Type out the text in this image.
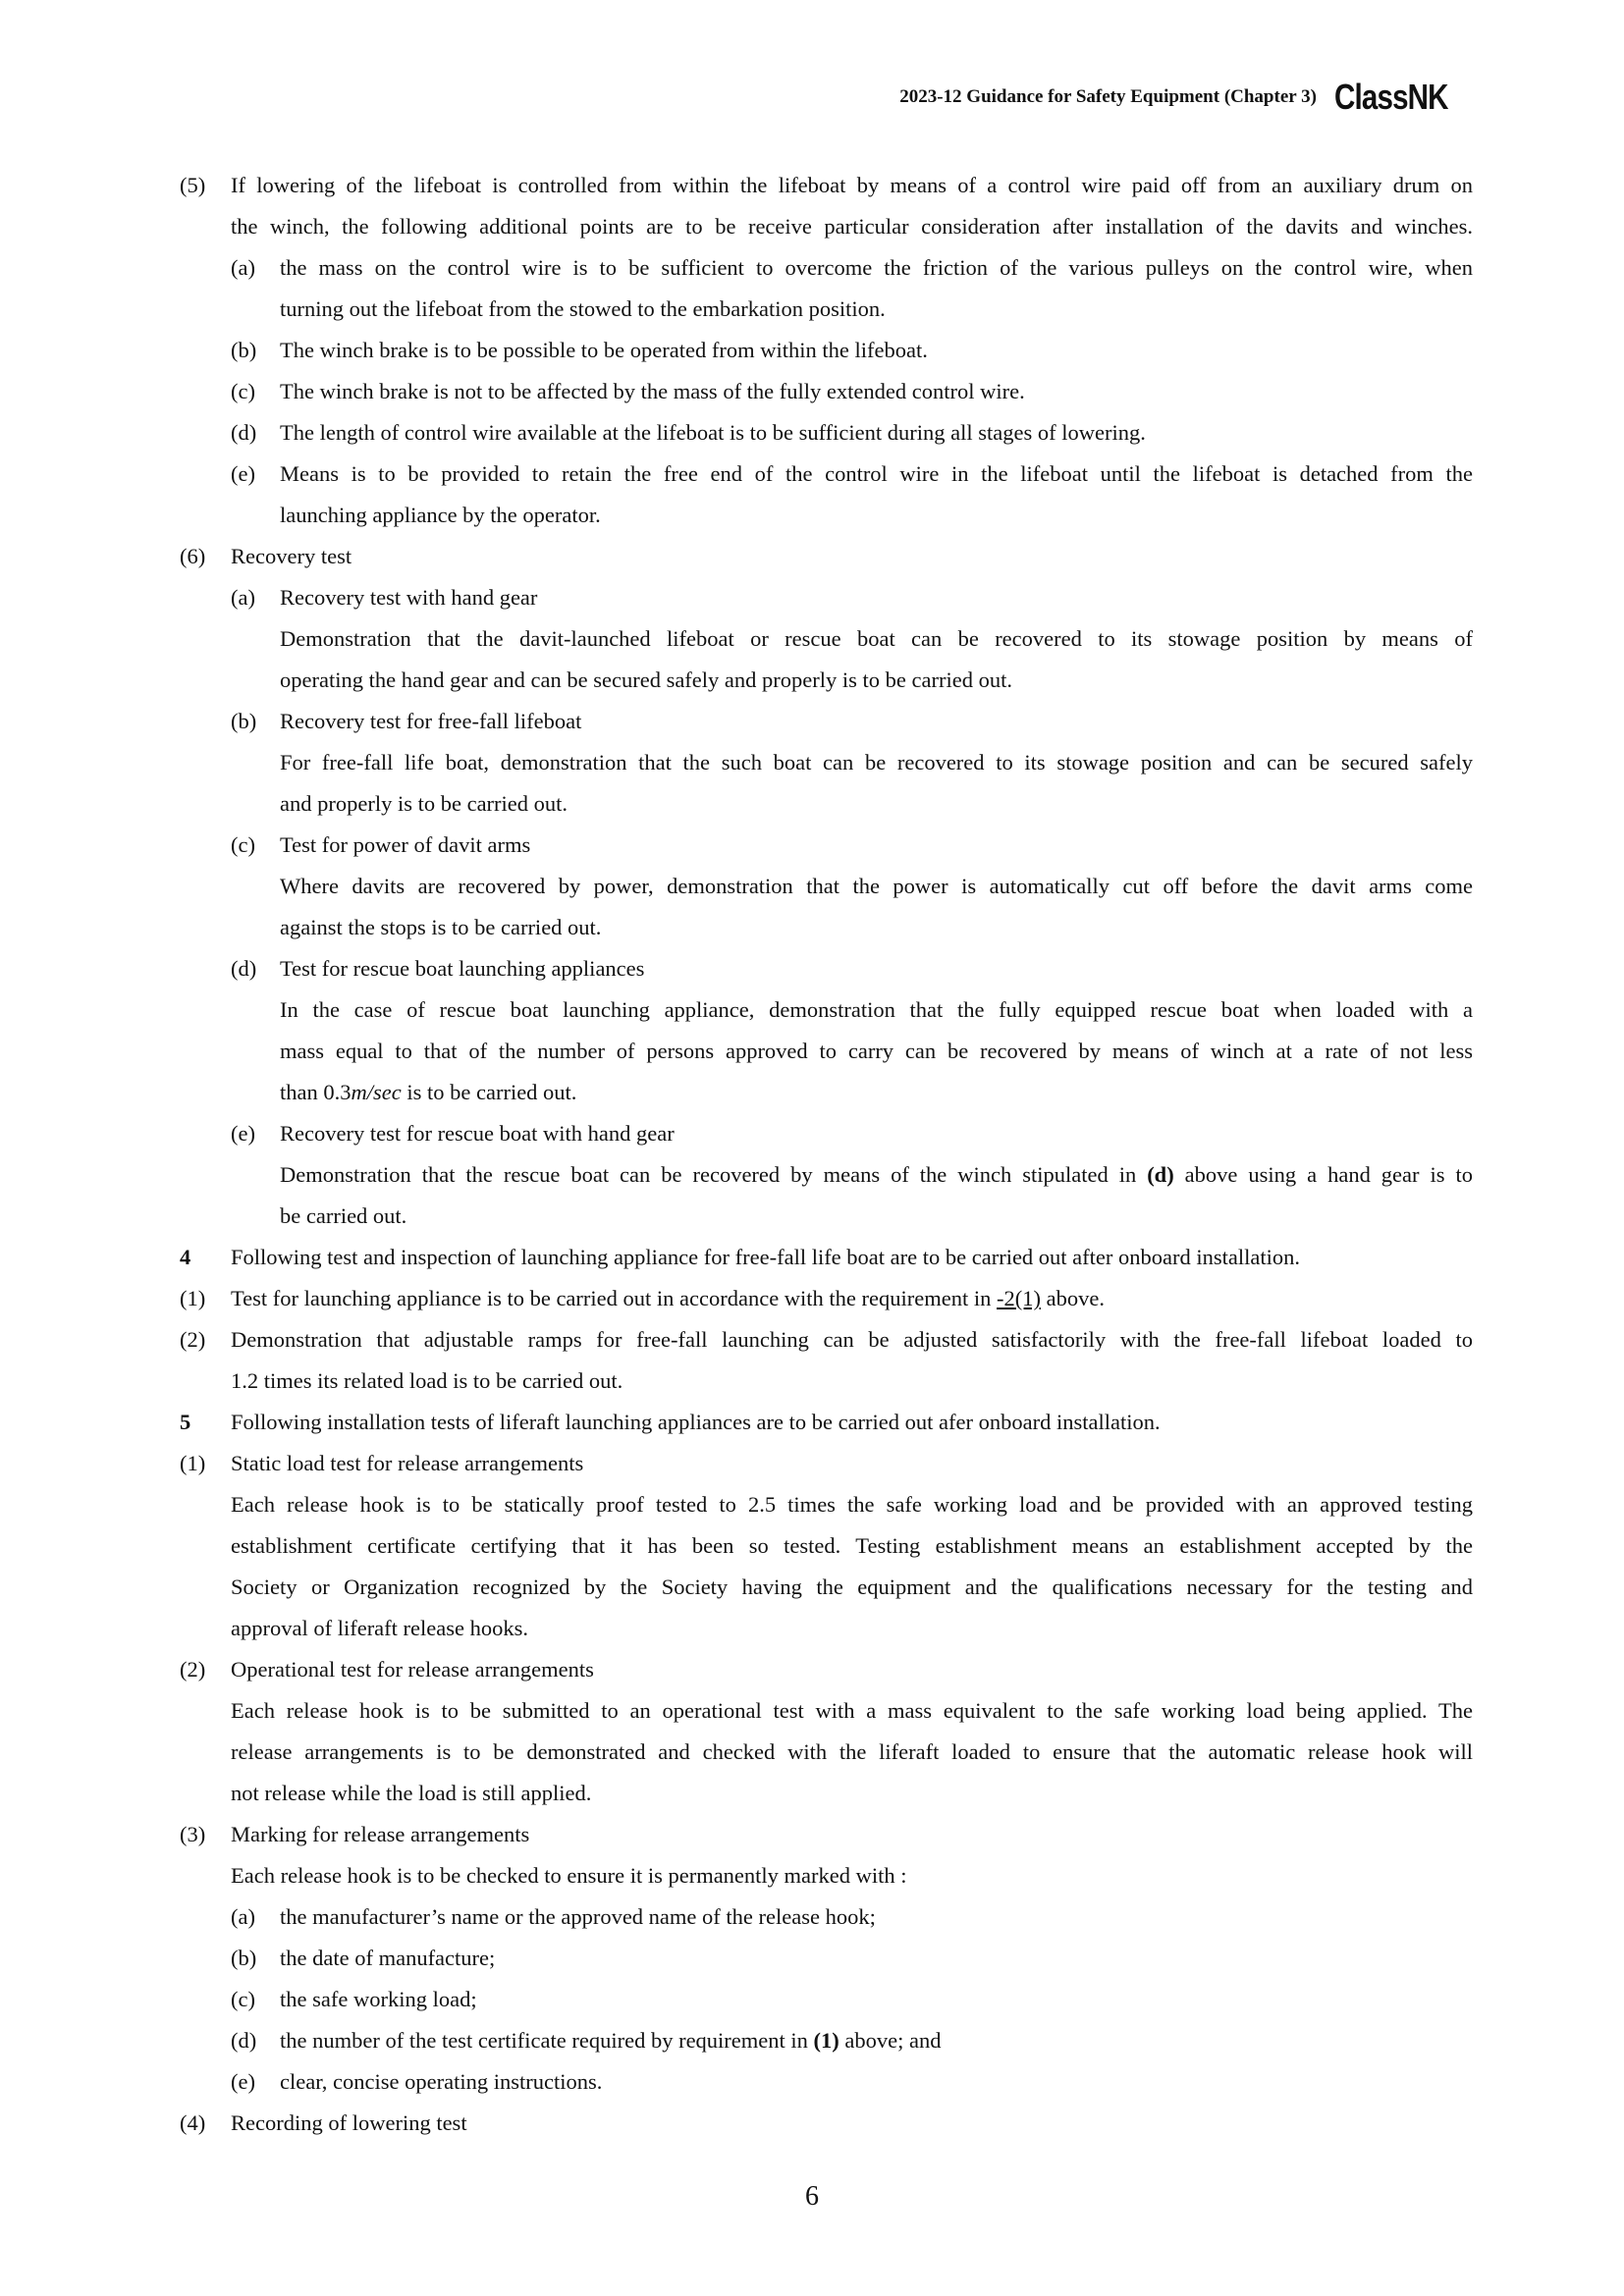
2023-12 Guidance for Safety Equipment (Chapter 3) ClassNK
(5) If lowering of the lifeboat is controlled from within the lifeboat by means of a control wire paid off from an auxiliary drum on
the winch, the following additional points are to be receive particular consideration after installation of the davits and winches.
(a) the mass on the control wire is to be sufficient to overcome the friction of the various pulleys on the control wire, when
turning out the lifeboat from the stowed to the embarkation position.
(b) The winch brake is to be possible to be operated from within the lifeboat.
(c) The winch brake is not to be affected by the mass of the fully extended control wire.
(d) The length of control wire available at the lifeboat is to be sufficient during all stages of lowering.
(e) Means is to be provided to retain the free end of the control wire in the lifeboat until the lifeboat is detached from the
launching appliance by the operator.
(6) Recovery test
(a) Recovery test with hand gear
Demonstration that the davit-launched lifeboat or rescue boat can be recovered to its stowage position by means of
operating the hand gear and can be secured safely and properly is to be carried out.
(b) Recovery test for free-fall lifeboat
For free-fall life boat, demonstration that the such boat can be recovered to its stowage position and can be secured safely
and properly is to be carried out.
(c) Test for power of davit arms
Where davits are recovered by power, demonstration that the power is automatically cut off before the davit arms come
against the stops is to be carried out.
(d) Test for rescue boat launching appliances
In the case of rescue boat launching appliance, demonstration that the fully equipped rescue boat when loaded with a
mass equal to that of the number of persons approved to carry can be recovered by means of winch at a rate of not less
than 0.3m/sec is to be carried out.
(e) Recovery test for rescue boat with hand gear
Demonstration that the rescue boat can be recovered by means of the winch stipulated in (d) above using a hand gear is to
be carried out.
4 Following test and inspection of launching appliance for free-fall life boat are to be carried out after onboard installation.
(1) Test for launching appliance is to be carried out in accordance with the requirement in -2(1) above.
(2) Demonstration that adjustable ramps for free-fall launching can be adjusted satisfactorily with the free-fall lifeboat loaded to
1.2 times its related load is to be carried out.
5 Following installation tests of liferaft launching appliances are to be carried out afer onboard installation.
(1) Static load test for release arrangements
Each release hook is to be statically proof tested to 2.5 times the safe working load and be provided with an approved testing
establishment certificate certifying that it has been so tested. Testing establishment means an establishment accepted by the
Society or Organization recognized by the Society having the equipment and the qualifications necessary for the testing and
approval of liferaft release hooks.
(2) Operational test for release arrangements
Each release hook is to be submitted to an operational test with a mass equivalent to the safe working load being applied. The
release arrangements is to be demonstrated and checked with the liferaft loaded to ensure that the automatic release hook will
not release while the load is still applied.
(3) Marking for release arrangements
Each release hook is to be checked to ensure it is permanently marked with :
(a) the manufacturer’s name or the approved name of the release hook;
(b) the date of manufacture;
(c) the safe working load;
(d) the number of the test certificate required by requirement in (1) above; and
(e) clear, concise operating instructions.
(4) Recording of lowering test
6
